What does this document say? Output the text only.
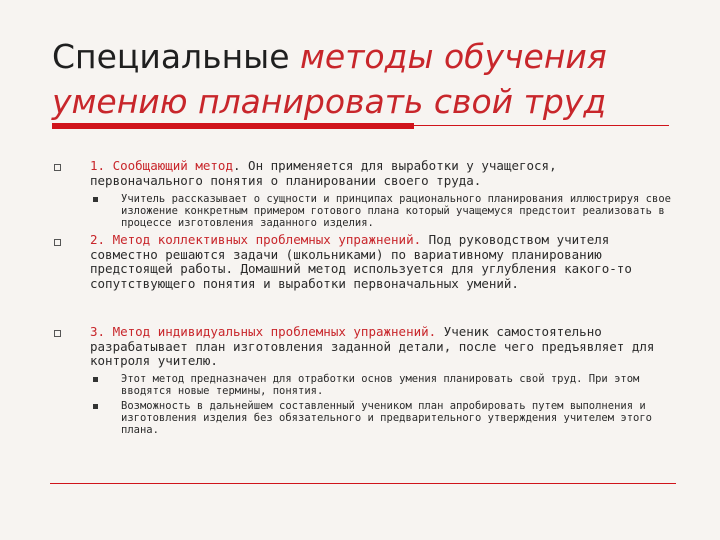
Специальные методы обучения умению планировать свой труд
1. Сообщающий метод. Он применяется для выработки у учащегося, первоначального понятия о планировании своего труда.
Учитель рассказывает о сущности и принципах рационального планирования иллюстрируя свое изложение конкретным примером готового плана который учащемуся предстоит реализовать в процессе изготовления заданного изделия.
2. Метод коллективных проблемных упражнений. Под руководством учителя совместно решаются задачи (школьниками) по вариативному планированию предстоящей работы. Домашний метод используется для углубления какого-то сопутствующего понятия и выработки первоначальных умений.
3. Метод индивидуальных проблемных упражнений. Ученик самостоятельно разрабатывает план изготовления заданной детали, после чего предъявляет для контроля учителю.
Этот метод предназначен для отработки основ умения планировать свой труд. При этом вводятся новые термины, понятия.
Возможность в дальнейшем составленный учеником план апробировать путем выполнения и изготовления изделия без обязательного и предварительного утверждения учителем этого плана.
